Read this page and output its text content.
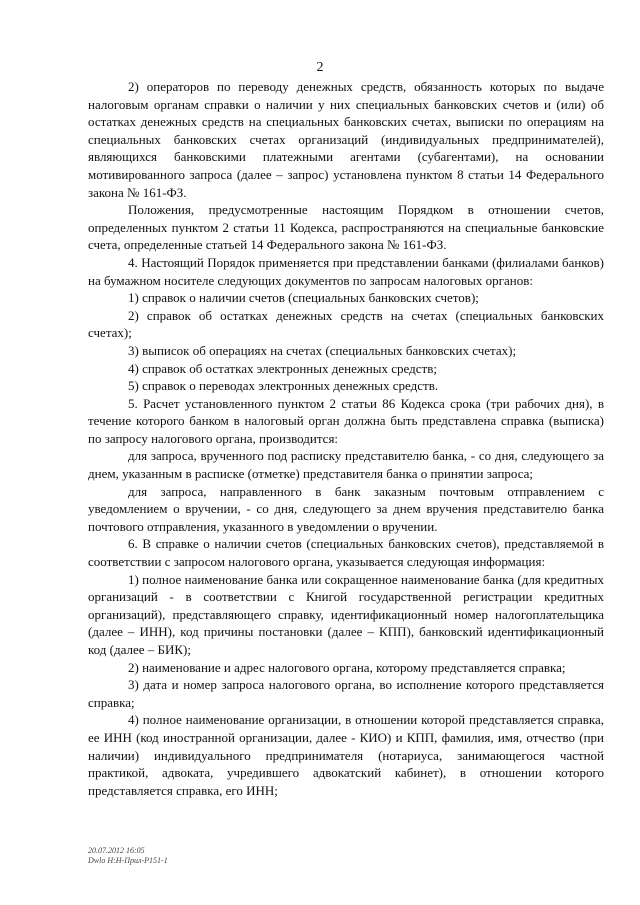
2

2) операторов по переводу денежных средств, обязанность которых по выдаче налоговым органам справки о наличии у них специальных банковских счетов и (или) об остатках денежных средств на специальных банковских счетах, выписки по операциям на специальных банковских счетах организаций (индивидуальных предпринимателей), являющихся банковскими платежными агентами (субагентами), на основании мотивированного запроса (далее – запрос) установлена пунктом 8 статьи 14 Федерального закона № 161-ФЗ.

Положения, предусмотренные настоящим Порядком в отношении счетов, определенных пунктом 2 статьи 11 Кодекса, распространяются на специальные банковские счета, определенные статьей 14 Федерального закона № 161-ФЗ.

4. Настоящий Порядок применяется при представлении банками (филиалами банков) на бумажном носителе следующих документов по запросам налоговых органов:

1) справок о наличии счетов (специальных банковских счетов);

2) справок об остатках денежных средств на счетах (специальных банковских счетах);

3) выписок об операциях на счетах (специальных банковских счетах);

4) справок об остатках электронных денежных средств;

5) справок о переводах электронных денежных средств.

5. Расчет установленного пунктом 2 статьи 86 Кодекса срока (три рабочих дня), в течение которого банком в налоговый орган должна быть представлена справка (выписка) по запросу налогового органа, производится:

для запроса, врученного под расписку представителю банка, - со дня, следующего за днем, указанным в расписке (отметке) представителя банка о принятии запроса;

для запроса, направленного в банк заказным почтовым отправлением с уведомлением о вручении, - со дня, следующего за днем вручения представителю банка почтового отправления, указанного в уведомлении о вручении.

6. В справке о наличии счетов (специальных банковских счетов), представляемой в соответствии с запросом налогового органа, указывается следующая информация:

1) полное наименование банка или сокращенное наименование банка (для кредитных организаций - в соответствии с Книгой государственной регистрации кредитных организаций), представляющего справку, идентификационный номер налогоплательщика (далее – ИНН), код причины постановки (далее – КПП), банковский идентификационный код (далее – БИК);

2) наименование и адрес налогового органа, которому представляется справка;

3) дата и номер запроса налогового органа, во исполнение которого представляется справка;

4) полное наименование организации, в отношении которой представляется справка, ее ИНН (код иностранной организации, далее - КИО) и КПП, фамилия, имя, отчество (при наличии) индивидуального предпринимателя (нотариуса, занимающегося частной практикой, адвоката, учредившего адвокатский кабинет), в отношении которого представляется справка, его ИНН;

20.07.2012 16:05
Dwlo H:Н-Прил-Р151-1
